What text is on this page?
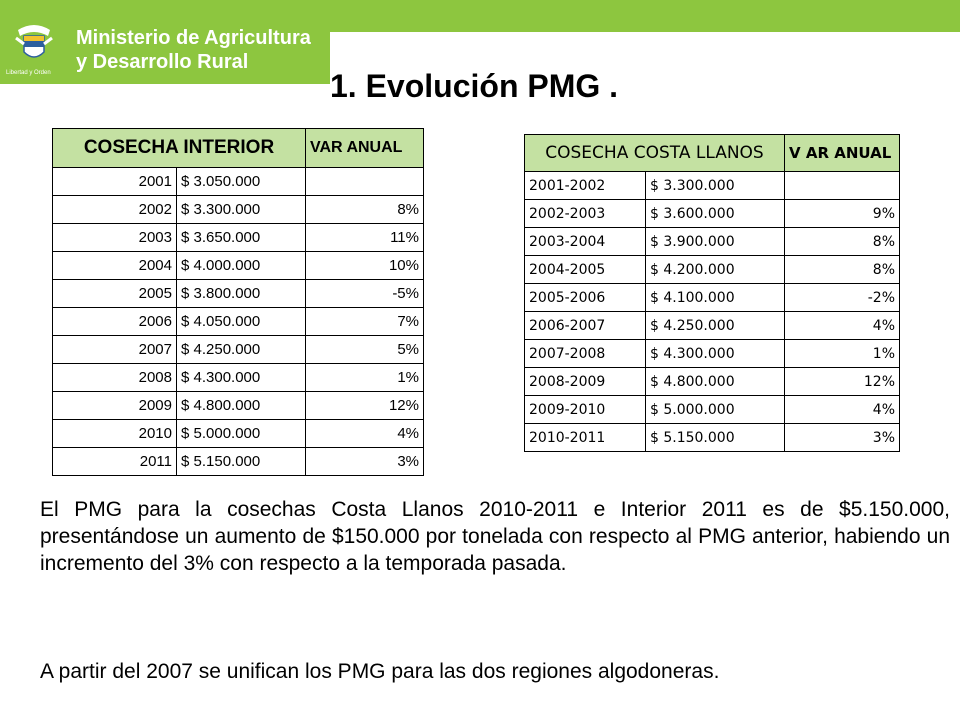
Libertad y Orden
Ministerio de Agricultura
y Desarrollo Rural
1. Evolución PMG .
COSECHA INTERIOR		VAR ANUAL
2001	$ 3.050.000	
2002	$ 3.300.000	8%
2003	$ 3.650.000	11%
2004	$ 4.000.000	10%
2005	$ 3.800.000	-5%
2006	$ 4.050.000	7%
2007	$ 4.250.000	5%
2008	$ 4.300.000	1%
2009	$ 4.800.000	12%
2010	$ 5.000.000	4%
2011	$ 5.150.000	3%
COSECHA COSTA LLANOS		V AR ANUAL
2001-2002	$ 3.300.000	
2002-2003	$ 3.600.000	9%
2003-2004	$ 3.900.000	8%
2004-2005	$ 4.200.000	8%
2005-2006	$ 4.100.000	-2%
2006-2007	$ 4.250.000	4%
2007-2008	$ 4.300.000	1%
2008-2009	$ 4.800.000	12%
2009-2010	$ 5.000.000	4%
2010-2011	$ 5.150.000	3%

El PMG para la cosechas Costa Llanos 2010-2011 e Interior 2011 es de $5.150.000, presentándose un aumento de $150.000 por tonelada con respecto al PMG anterior, habiendo un incremento del 3% con respecto a la temporada pasada.

A partir del 2007 se unifican los PMG para las dos regiones algodoneras.
